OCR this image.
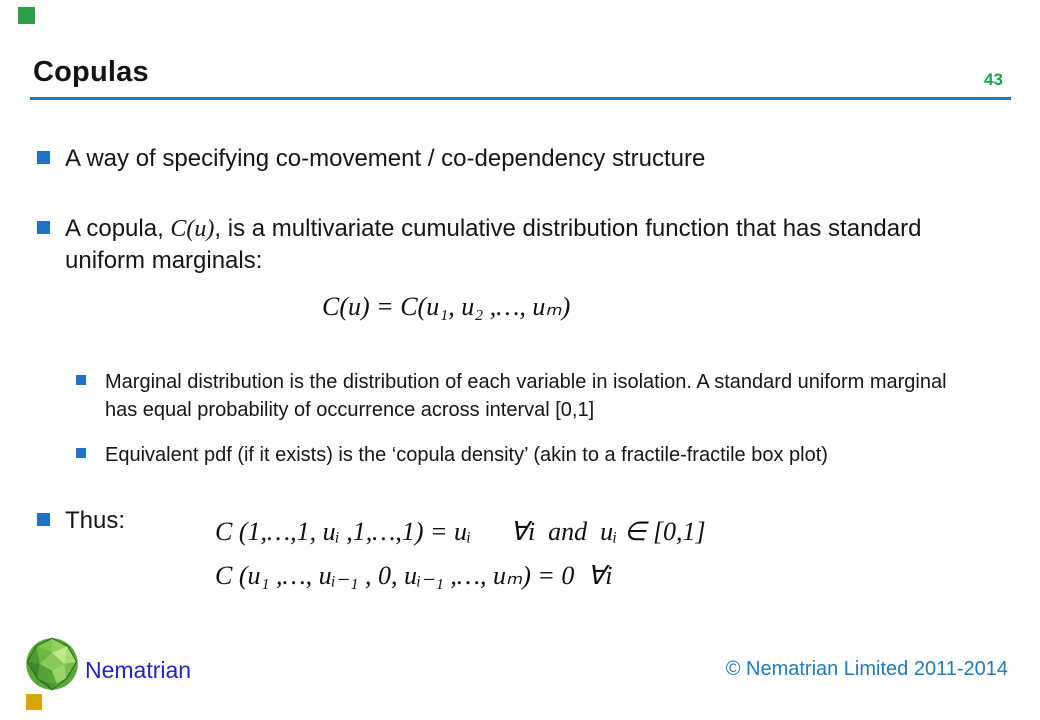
Copulas	43
A way of specifying co-movement / co-dependency structure
A copula, C(u), is a multivariate cumulative distribution function that has standard uniform marginals:
C(u) = C(u₁, u₂ ,…, uₘ)
Marginal distribution is the distribution of each variable in isolation. A standard uniform marginal has equal probability of occurrence across interval [0,1]
Equivalent pdf (if it exists) is the ‘copula density’ (akin to a fractile-fractile box plot)
Thus:	C (1,…,1, uᵢ ,1,…,1) = uᵢ      ∀i  and  uᵢ ∈ [0,1]
C (u₁ ,…, uᵢ₋₁ , 0, uᵢ₋₁ ,…, uₘ) = 0  ∀i
Nematrian	© Nematrian Limited 2011-2014
